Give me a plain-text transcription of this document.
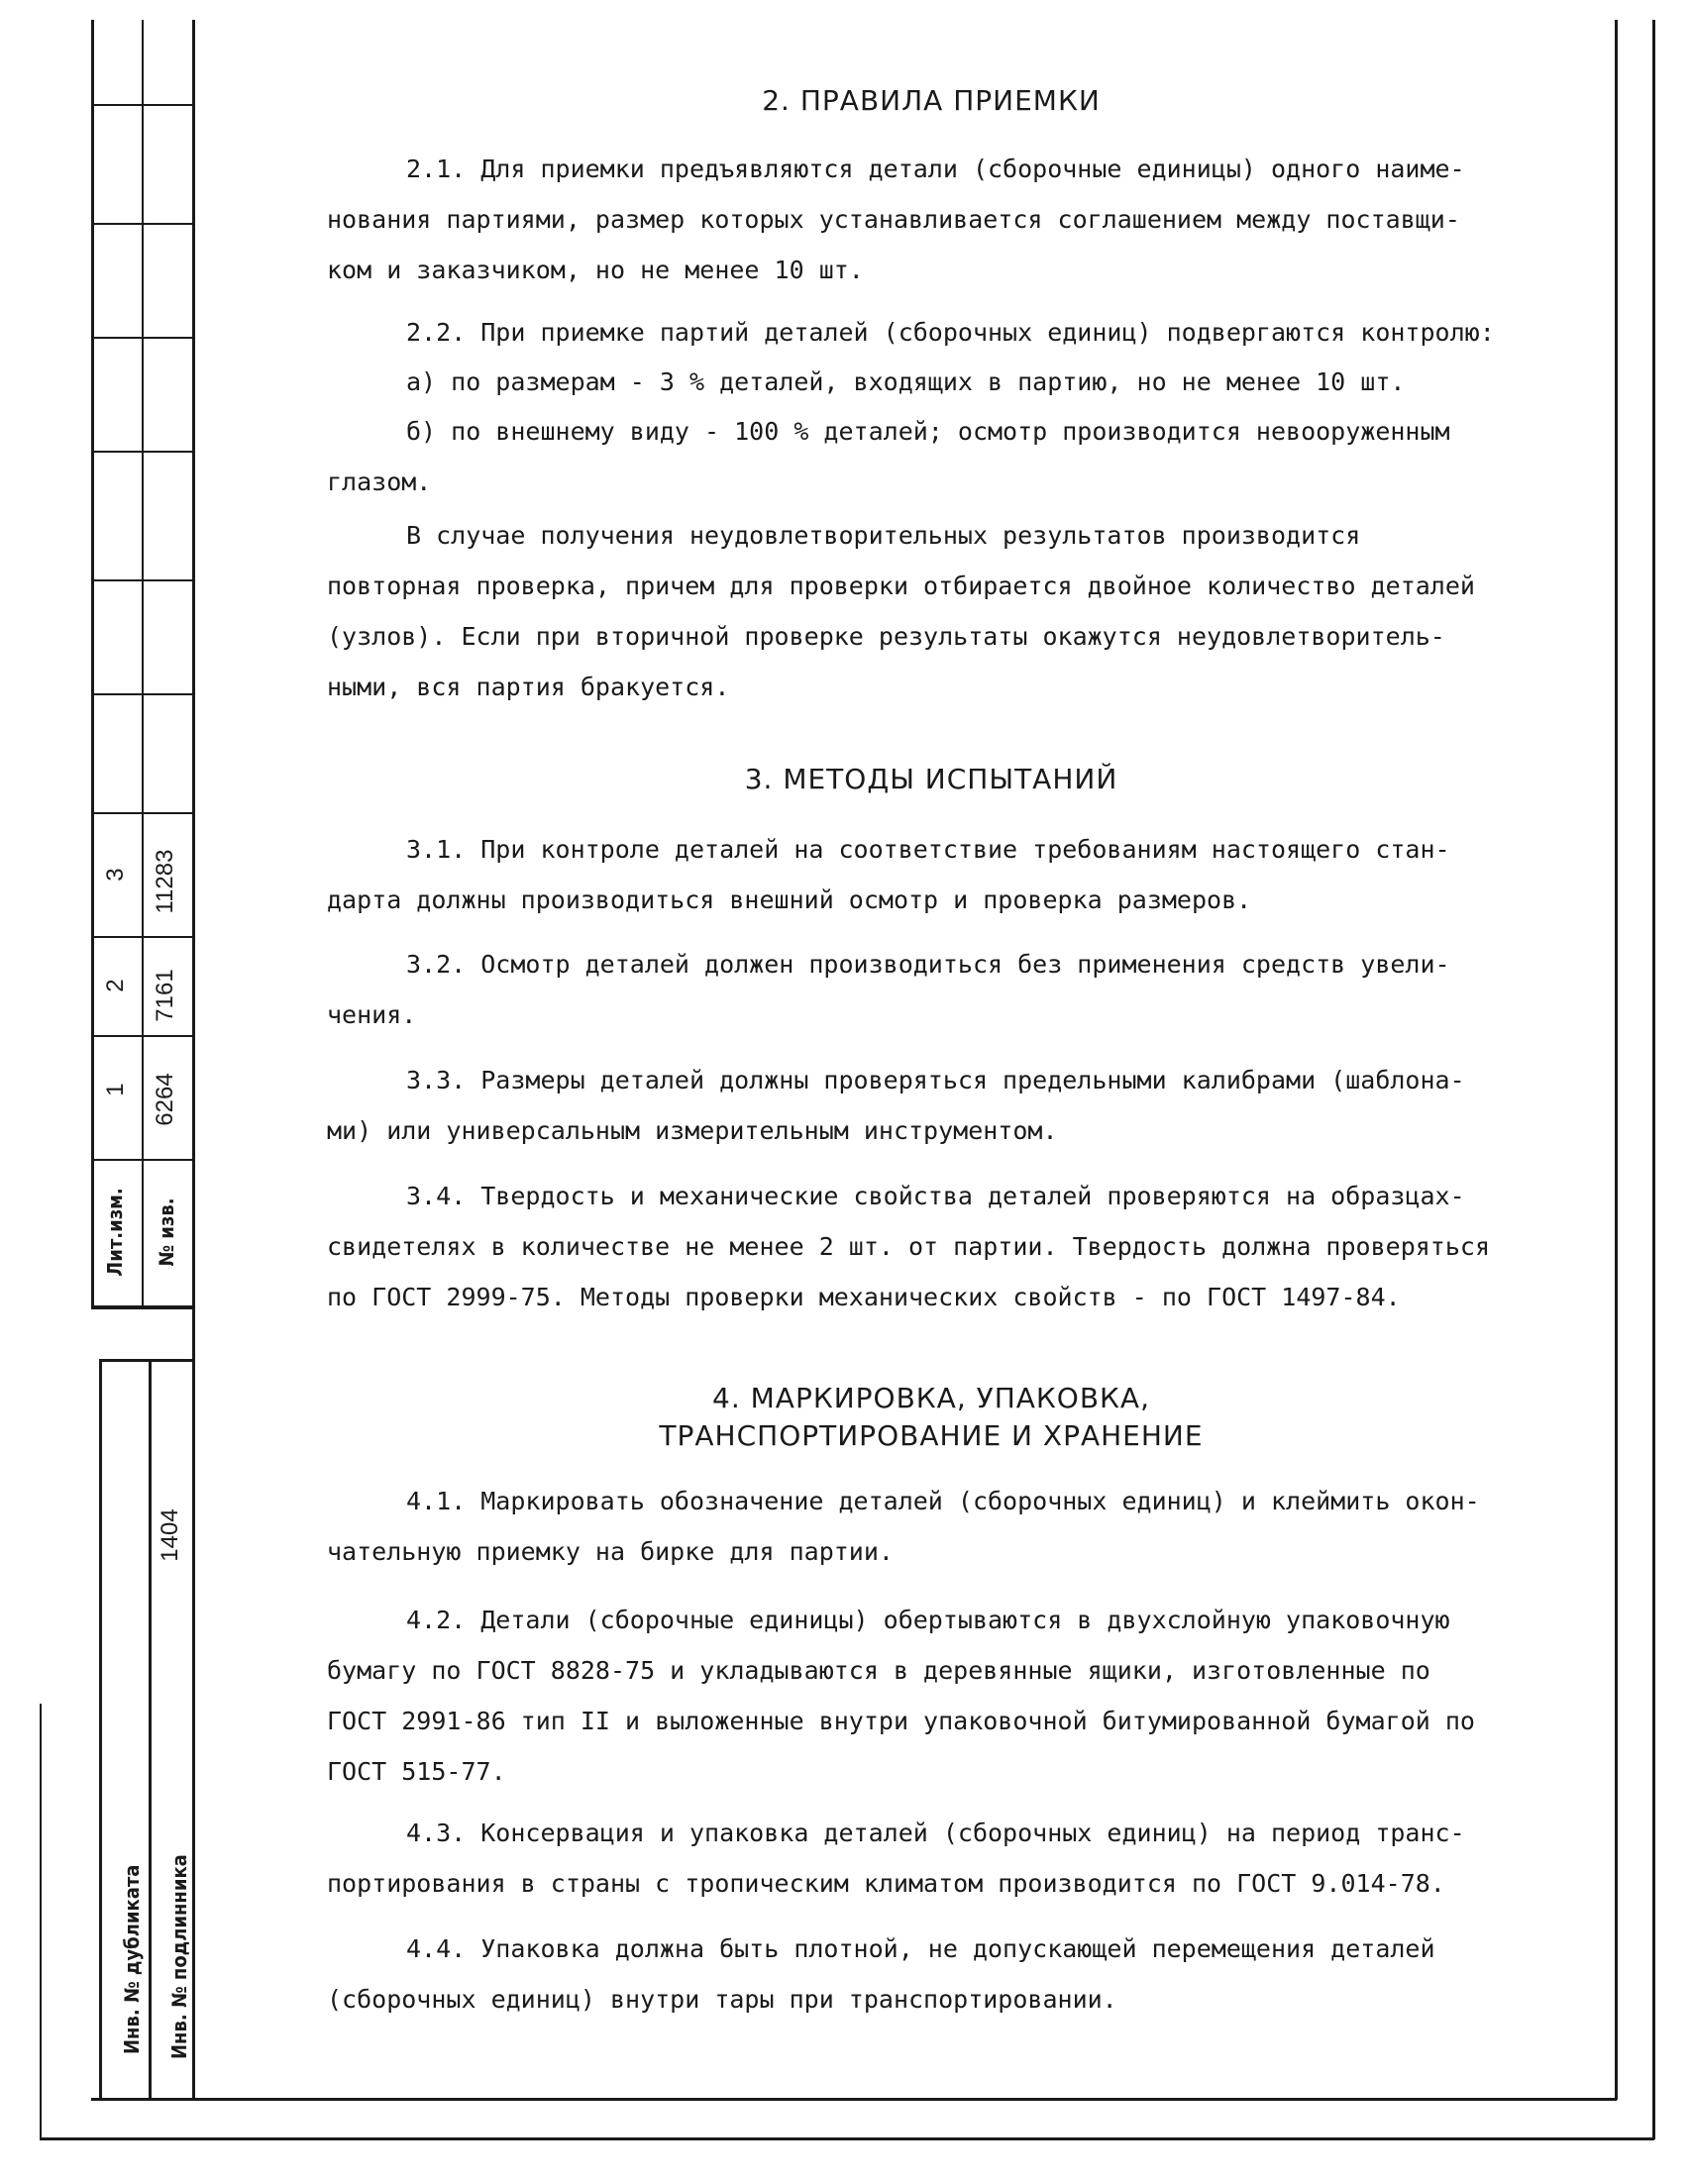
1 6264
2 7161
3 11283
Лит.изм. № изв.
1404
Инв. № дубликата Инв. № подлинника
2. ПРАВИЛА ПРИЕМКИ
2.1. Для приемки предъявляются детали (сборочные единицы) одного наиме-
нования партиями, размер которых устанавливается соглашением между поставщи-
ком и заказчиком, но не менее 10 шт.
2.2. При приемке партий деталей (сборочных единиц) подвергаются контролю:
а) по размерам - 3 % деталей, входящих в партию, но не менее 10 шт.
б) по внешнему виду - 100 % деталей; осмотр производится невооруженным
глазом.
В случае получения неудовлетворительных результатов производится
повторная проверка, причем для проверки отбирается двойное количество деталей
(узлов). Если при вторичной проверке результаты окажутся неудовлетворитель-
ными, вся партия бракуется.
3. МЕТОДЫ ИСПЫТАНИЙ
3.1. При контроле деталей на соответствие требованиям настоящего стан-
дарта должны производиться внешний осмотр и проверка размеров.
3.2. Осмотр деталей должен производиться без применения средств увели-
чения.
3.3. Размеры деталей должны проверяться предельными калибрами (шаблона-
ми) или универсальным измерительным инструментом.
3.4. Твердость и механические свойства деталей проверяются на образцах-
свидетелях в количестве не менее 2 шт. от партии. Твердость должна проверяться
по ГОСТ 2999-75. Методы проверки механических свойств - по ГОСТ 1497-84.
4. МАРКИРОВКА, УПАКОВКА,
ТРАНСПОРТИРОВАНИЕ И ХРАНЕНИЕ
4.1. Маркировать обозначение деталей (сборочных единиц) и клеймить окон-
чательную приемку на бирке для партии.
4.2. Детали (сборочные единицы) обертываются в двухслойную упаковочную
бумагу по ГОСТ 8828-75 и укладываются в деревянные ящики, изготовленные по
ГОСТ 2991-86 тип II и выложенные внутри упаковочной битумированной бумагой по
ГОСТ 515-77.
4.3. Консервация и упаковка деталей (сборочных единиц) на период транс-
портирования в страны с тропическим климатом производится по ГОСТ 9.014-78.
4.4. Упаковка должна быть плотной, не допускающей перемещения деталей
(сборочных единиц) внутри тары при транспортировании.
